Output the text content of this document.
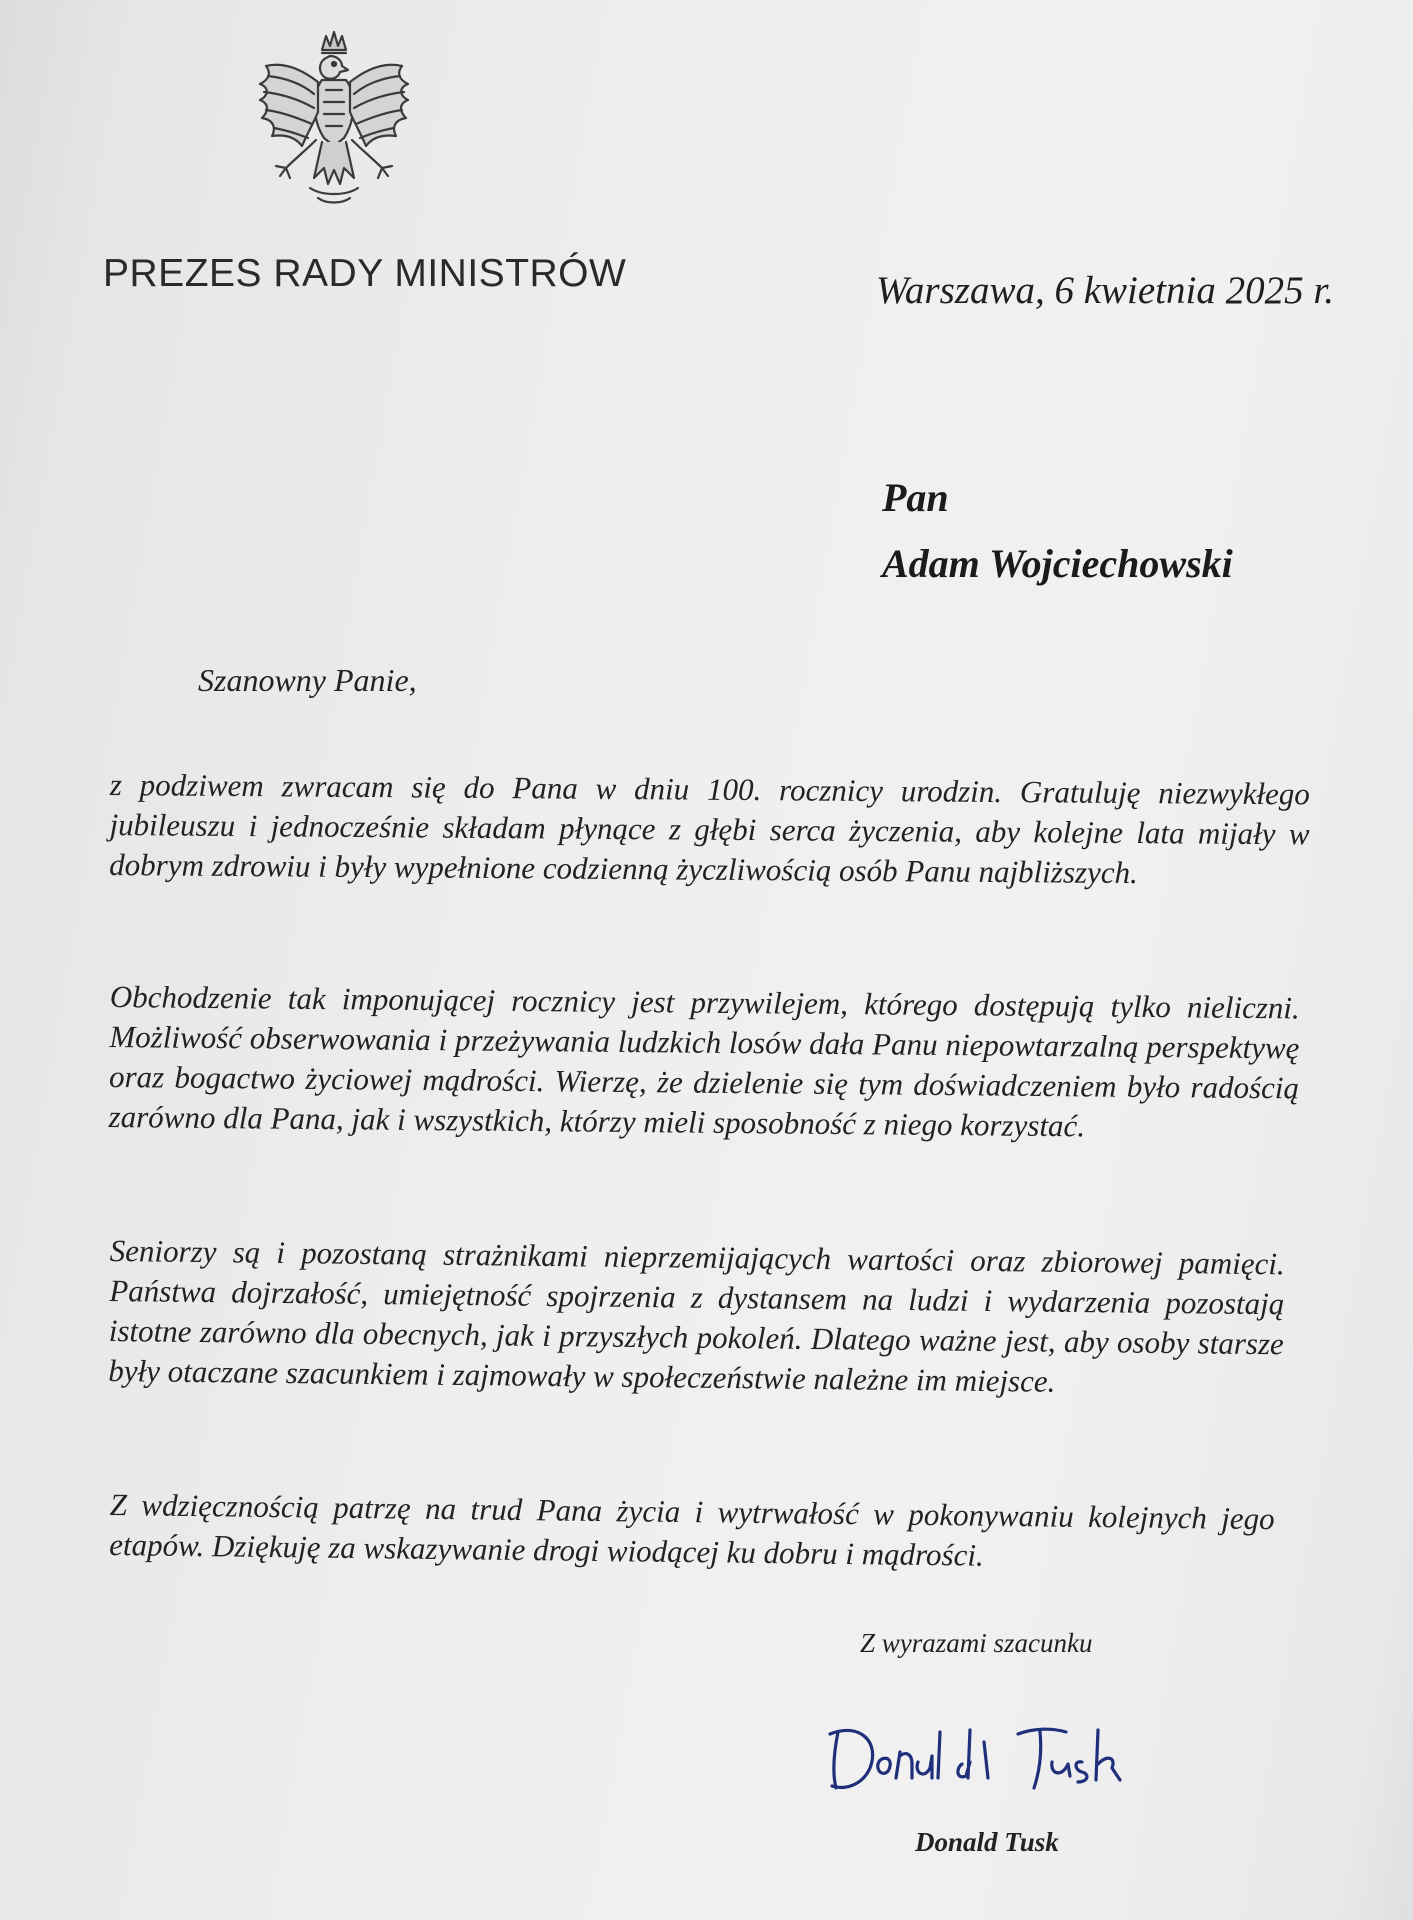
PREZES RADY MINISTRÓW	Warszawa, 6 kwietnia 2025 r.
Pan
Adam Wojciechowski
Szanowny Panie,

z podziwem zwracam się do Pana w dniu 100. rocznicy urodzin. Gratuluję niezwykłego jubileuszu i jednocześnie składam płynące z głębi serca życzenia, aby kolejne lata mijały w dobrym zdrowiu i były wypełnione codzienną życzliwością osób Panu najbliższych.

Obchodzenie tak imponującej rocznicy jest przywilejem, którego dostępują tylko nieliczni. Możliwość obserwowania i przeżywania ludzkich losów dała Panu niepowtarzalną perspektywę oraz bogactwo życiowej mądrości. Wierzę, że dzielenie się tym doświadczeniem było radością zarówno dla Pana, jak i wszystkich, którzy mieli sposobność z niego korzystać.

Seniorzy są i pozostaną strażnikami nieprzemijających wartości oraz zbiorowej pamięci. Państwa dojrzałość, umiejętność spojrzenia z dystansem na ludzi i wydarzenia pozostają istotne zarówno dla obecnych, jak i przyszłych pokoleń. Dlatego ważne jest, aby osoby starsze były otaczane szacunkiem i zajmowały w społeczeństwie należne im miejsce.

Z wdzięcznością patrzę na trud Pana życia i wytrwałość w pokonywaniu kolejnych jego etapów. Dziękuję za wskazywanie drogi wiodącej ku dobru i mądrości.

Z wyrazami szacunku
Donald Tusk
